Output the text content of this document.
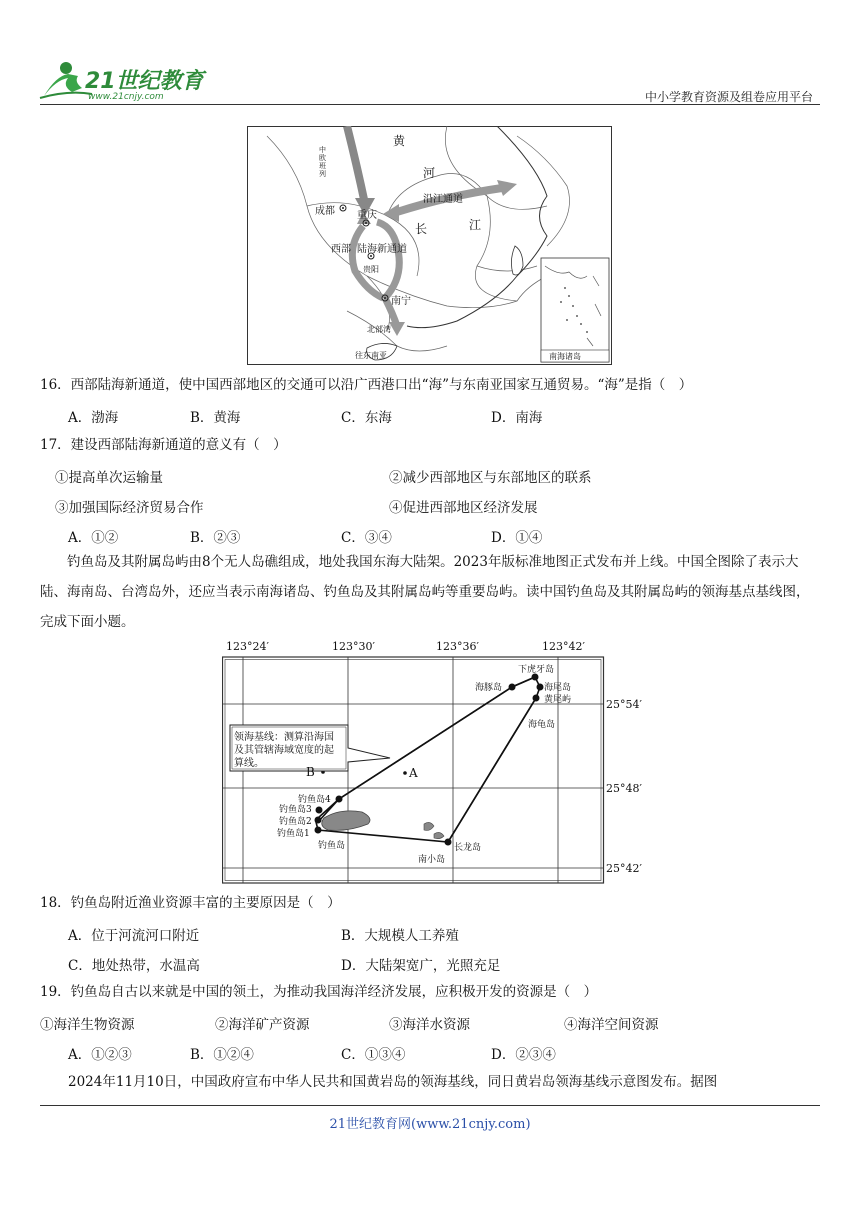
21世纪教育
www.21cnjy.com	中小学教育资源及组卷应用平台
黄
河
中欧班列
成都 重庆
沿江通道
长	江
西部 陆海新通道
贵阳
南宁
北部湾
往东南亚	南海诸岛
16．西部陆海新通道，使中国西部地区的交通可以沿广西港口出“海”与东南亚国家互通贸易。“海”是指（　）
A．渤海	B．黄海	C．东海	D．南海
17．建设西部陆海新通道的意义有（　）
①提高单次运输量	②减少西部地区与东部地区的联系
③加强国际经济贸易合作	④促进西部地区经济发展
A．①②	B．②③	C．③④	D．①④
钓鱼岛及其附属岛屿由8个无人岛礁组成，地处我国东海大陆架。2023年版标准地图正式发布并上线。中国全图除了表示大陆、海南岛、台湾岛外，还应当表示南海诸岛、钓鱼岛及其附属岛屿等重要岛屿。读中国钓鱼岛及其附属岛屿的领海基点基线图，完成下面小题。
123°24′	123°30′	123°36′	123°42′
25°54′
25°48′
25°42′
领海基线：测算沿海国
及其管辖海域宽度的起
算线。
A
B
下虎牙岛
海豚岛	海尾岛
黄尾屿
海龟岛
钓鱼岛4
钓鱼岛3
钓鱼岛2
钓鱼岛1
钓鱼岛
南小岛
长龙岛
18．钓鱼岛附近渔业资源丰富的主要原因是（　）
A．位于河流河口附近	B．大规模人工养殖
C．地处热带，水温高	D．大陆架宽广，光照充足
19．钓鱼岛自古以来就是中国的领土，为推动我国海洋经济发展，应积极开发的资源是（　）
①海洋生物资源	②海洋矿产资源	③海洋水资源	④海洋空间资源
A．①②③	B．①②④	C．①③④	D．②③④
2024年11月10日，中国政府宣布中华人民共和国黄岩岛的领海基线，同日黄岩岛领海基线示意图发布。据图
21世纪教育网(www.21cnjy.com)
